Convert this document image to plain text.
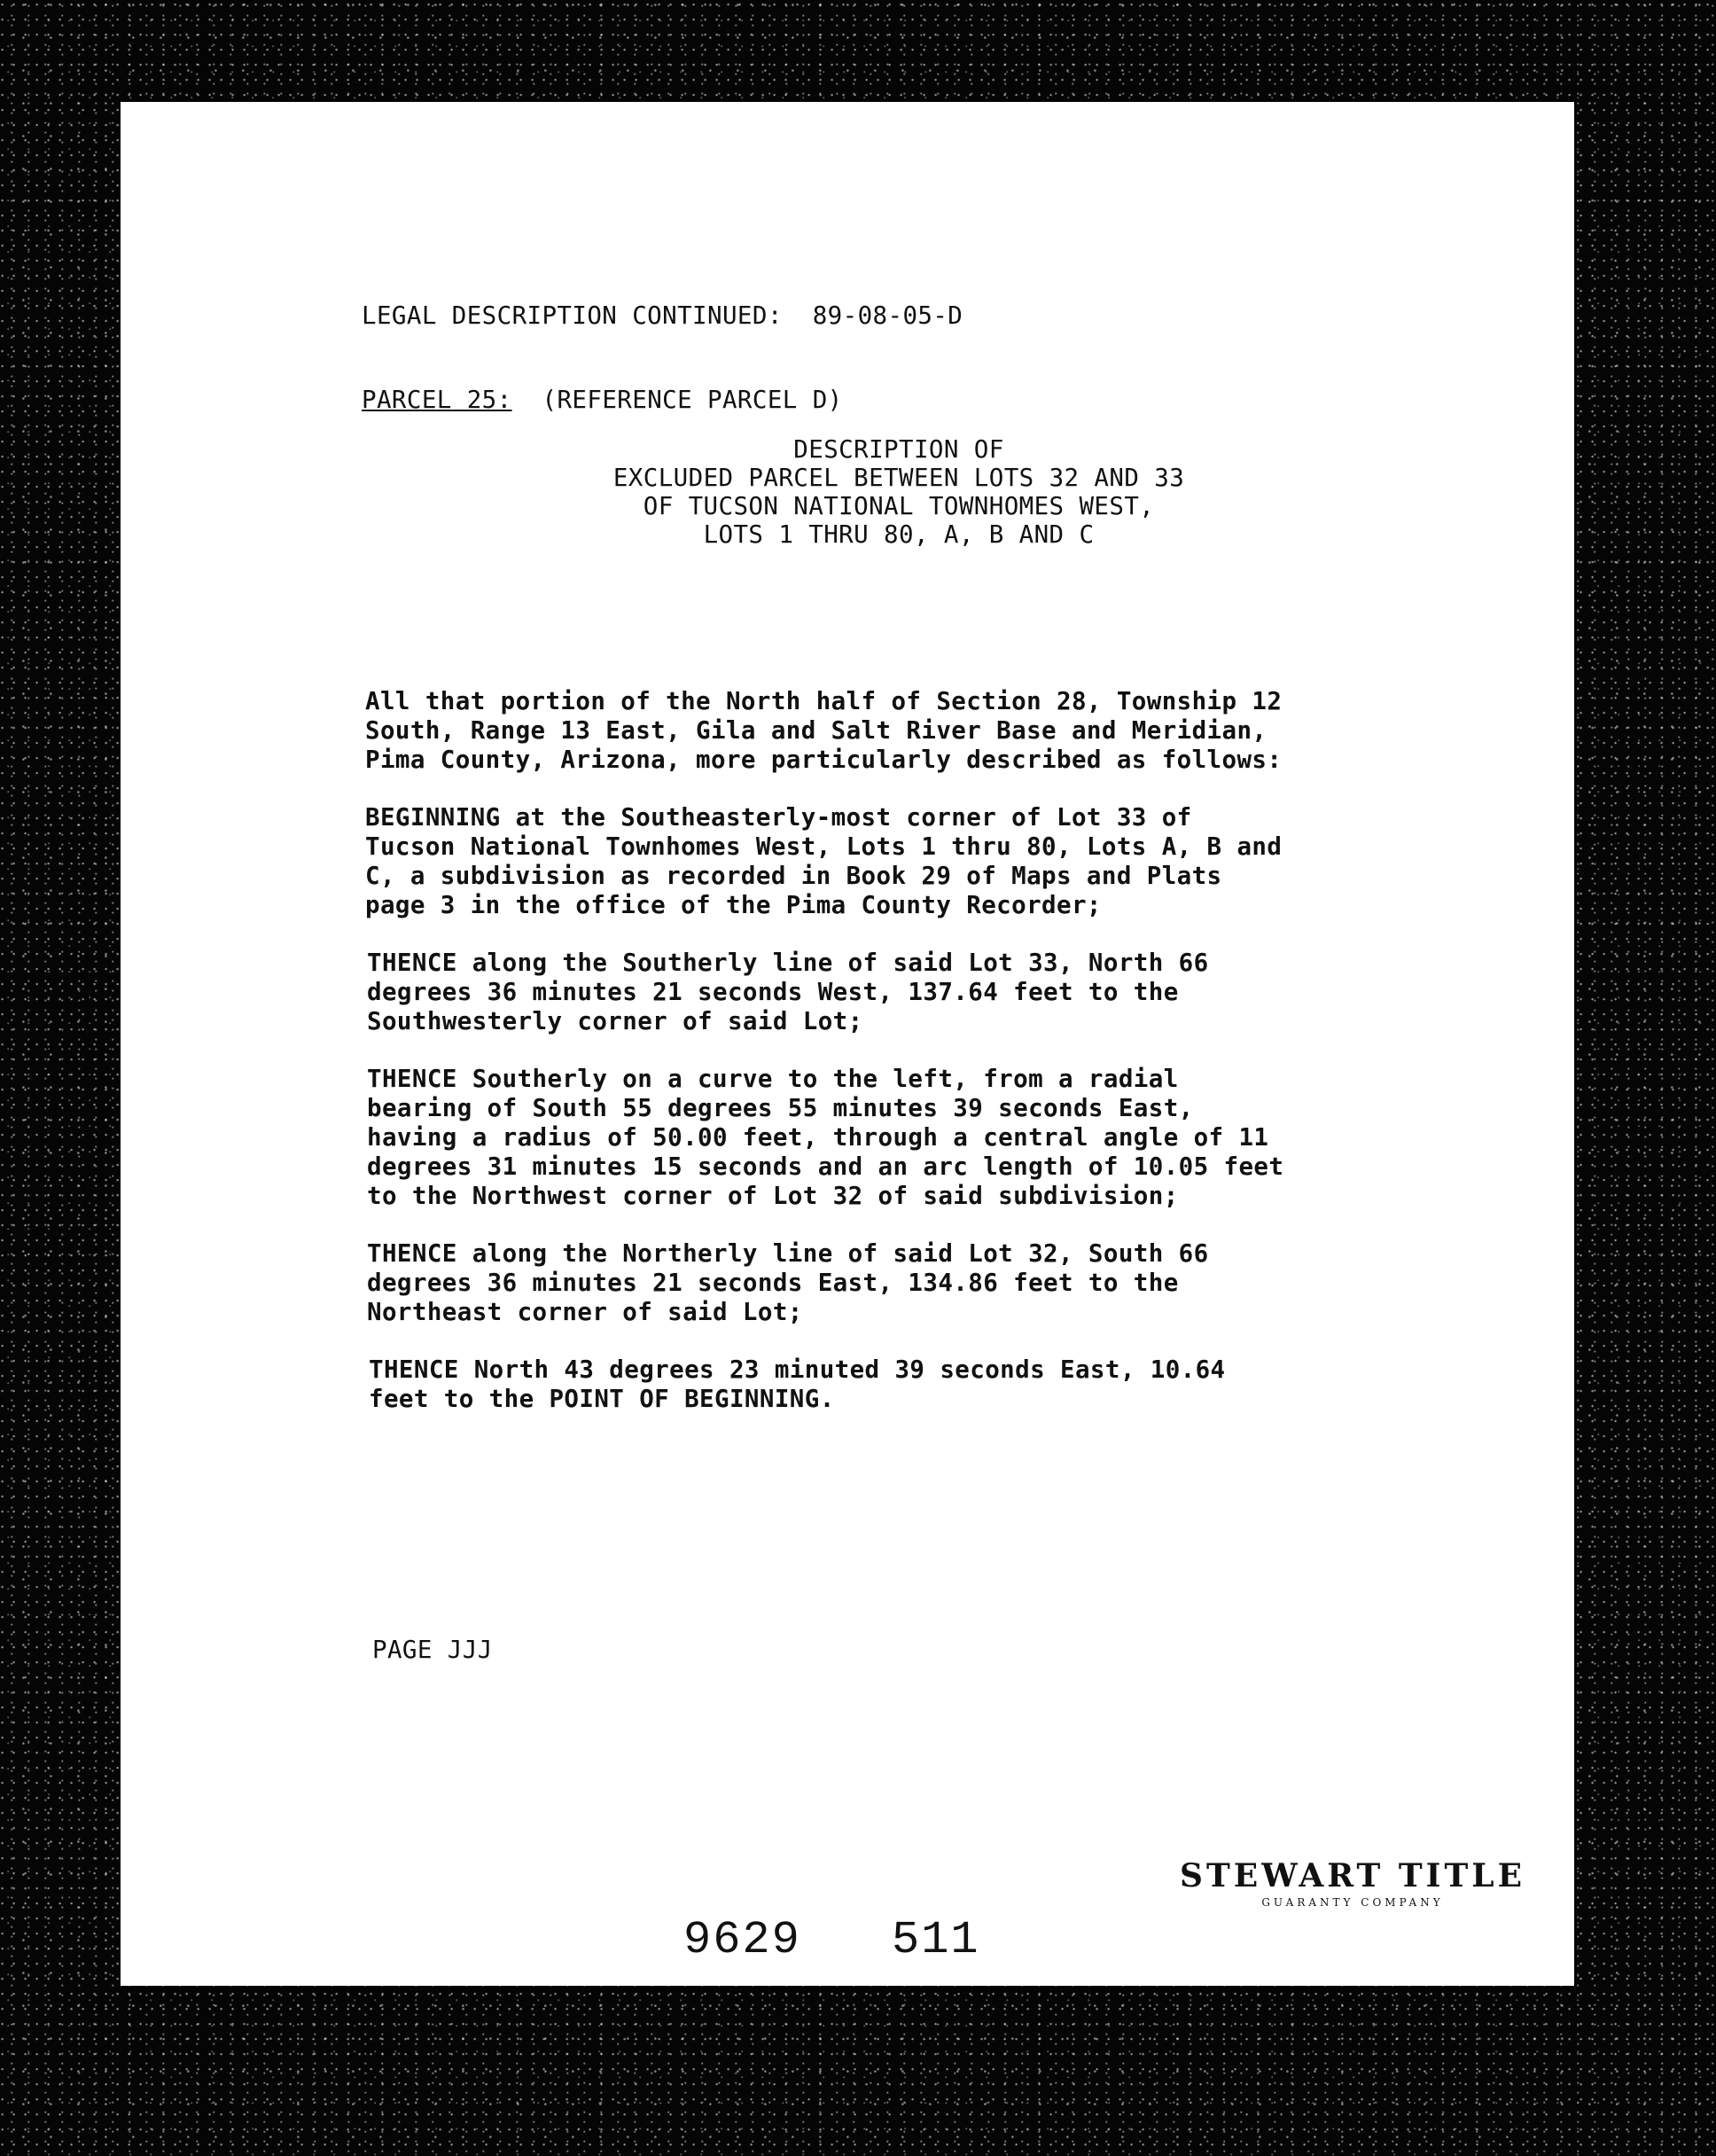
LEGAL DESCRIPTION CONTINUED: 89-08-05-D
PARCEL 25: (REFERENCE PARCEL D)
DESCRIPTION OF
EXCLUDED PARCEL BETWEEN LOTS 32 AND 33
OF TUCSON NATIONAL TOWNHOMES WEST,
LOTS 1 THRU 80, A, B AND C
All that portion of the North half of Section 28, Township 12
South, Range 13 East, Gila and Salt River Base and Meridian,
Pima County, Arizona, more particularly described as follows:
BEGINNING at the Southeasterly-most corner of Lot 33 of
Tucson National Townhomes West, Lots 1 thru 80, Lots A, B and
C, a subdivision as recorded in Book 29 of Maps and Plats
page 3 in the office of the Pima County Recorder;
THENCE along the Southerly line of said Lot 33, North 66
degrees 36 minutes 21 seconds West, 137.64 feet to the
Southwesterly corner of said Lot;
THENCE Southerly on a curve to the left, from a radial
bearing of South 55 degrees 55 minutes 39 seconds East,
having a radius of 50.00 feet, through a central angle of 11
degrees 31 minutes 15 seconds and an arc length of 10.05 feet
to the Northwest corner of Lot 32 of said subdivision;
THENCE along the Northerly line of said Lot 32, South 66
degrees 36 minutes 21 seconds East, 134.86 feet to the
Northeast corner of said Lot;
THENCE North 43 degrees 23 minuted 39 seconds East, 10.64
feet to the POINT OF BEGINNING.
PAGE JJJ
STEWART TITLE
GUARANTY COMPANY
9629 511
